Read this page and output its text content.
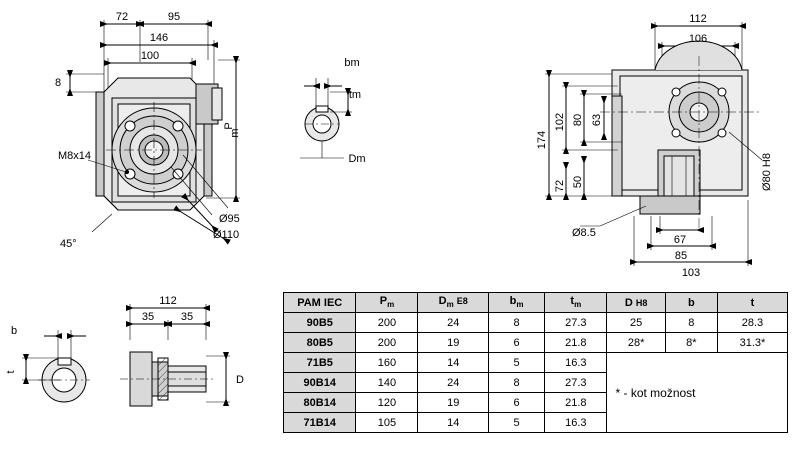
72	95
146
100
8
P
m
M8x14
45°
Ø95
Ø110
bm
tm
Dm
112
106
174
102 80 63
72 50
Ø8.5
67
85
103
Ø80 H8
b
t
112
35 35
D
PAM IEC	$P_m$	$D_m$ E8	$b_m$	$t_m$	D H8	b	t
90B5	200	24	8	27.3	25	8	28.3
80B5	200	19	6	21.8	28*	8*	31.3*
71B5	160	14	5	16.3	* - kot možnost		
90B14	140	24	8	27.3			
80B14	120	19	6	21.8			
71B14	105	14	5	16.3			
